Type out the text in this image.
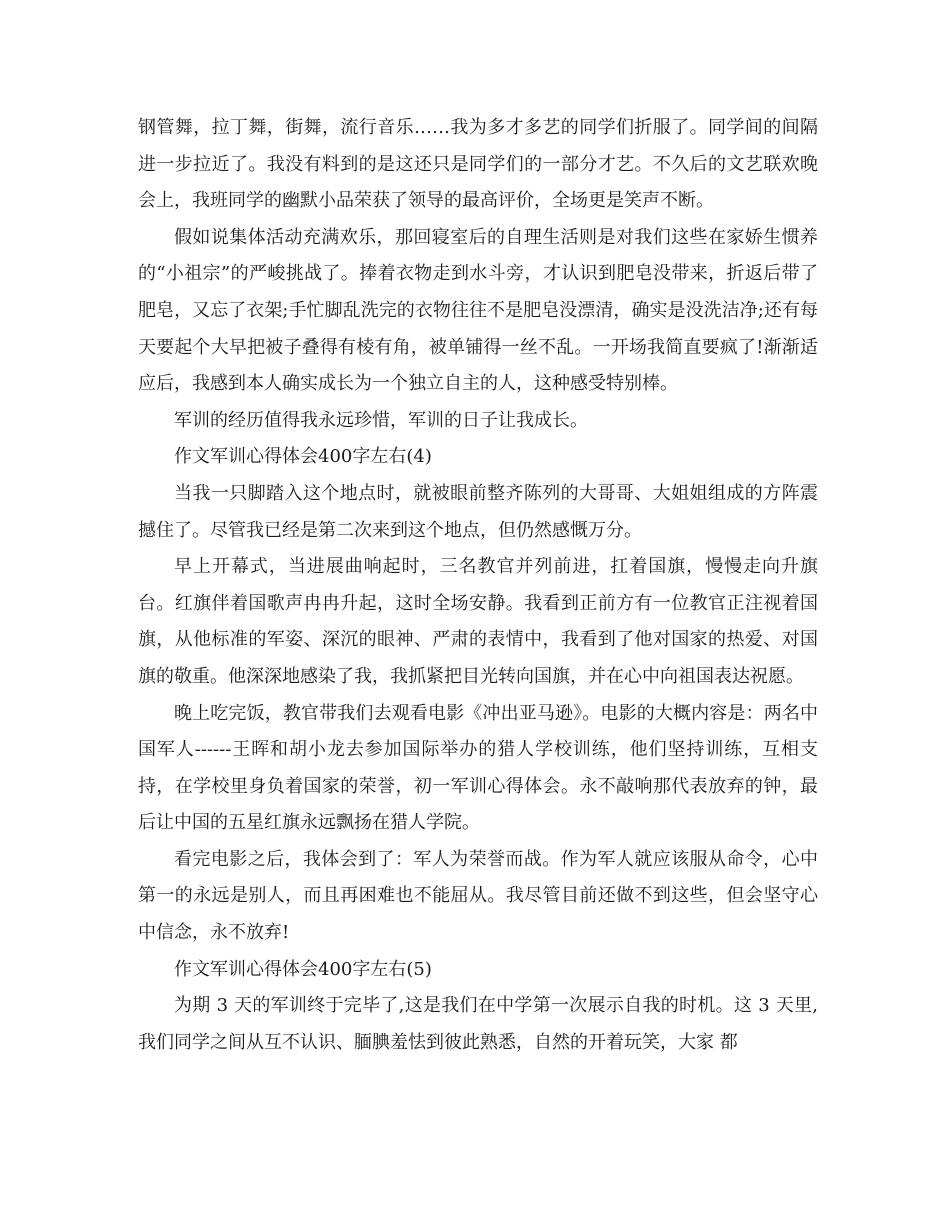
钢管舞，拉丁舞，街舞，流行音乐……我为多才多艺的同学们折服了。同学间的间隔进一步拉近了。我没有料到的是这还只是同学们的一部分才艺。不久后的文艺联欢晚会上，我班同学的幽默小品荣获了领导的最高评价，全场更是笑声不断。

假如说集体活动充满欢乐，那回寝室后的自理生活则是对我们这些在家娇生惯养的“小祖宗”的严峻挑战了。捧着衣物走到水斗旁，才认识到肥皂没带来，折返后带了肥皂，又忘了衣架;手忙脚乱洗完的衣物往往不是肥皂没漂清，确实是没洗洁净;还有每天要起个大早把被子叠得有棱有角，被单铺得一丝不乱。一开场我简直要疯了!渐渐适应后，我感到本人确实成长为一个独立自主的人，这种感受特别棒。

军训的经历值得我永远珍惜，军训的日子让我成长。

作文军训心得体会400字左右(4)

当我一只脚踏入这个地点时，就被眼前整齐陈列的大哥哥、大姐姐组成的方阵震撼住了。尽管我已经是第二次来到这个地点，但仍然感慨万分。

早上开幕式，当进展曲响起时，三名教官并列前进，扛着国旗，慢慢走向升旗台。红旗伴着国歌声冉冉升起，这时全场安静。我看到正前方有一位教官正注视着国旗，从他标准的军姿、深沉的眼神、严肃的表情中，我看到了他对国家的热爱、对国旗的敬重。他深深地感染了我，我抓紧把目光转向国旗，并在心中向祖国表达祝愿。

晚上吃完饭，教官带我们去观看电影《冲出亚马逊》。电影的大概内容是：两名中国军人------王晖和胡小龙去参加国际举办的猎人学校训练，他们坚持训练，互相支持，在学校里身负着国家的荣誉，初一军训心得体会。永不敲响那代表放弃的钟，最后让中国的五星红旗永远飘扬在猎人学院。

看完电影之后，我体会到了：军人为荣誉而战。作为军人就应该服从命令，心中第一的永远是别人，而且再困难也不能屈从。我尽管目前还做不到这些，但会坚守心中信念，永不放弃!

作文军训心得体会400字左右(5)

为期 3 天的军训终于完毕了,这是我们在中学第一次展示自我的时机。这 3 天里,我们同学之间从互不认识、腼腆羞怯到彼此熟悉，自然的开着玩笑，大家 都
